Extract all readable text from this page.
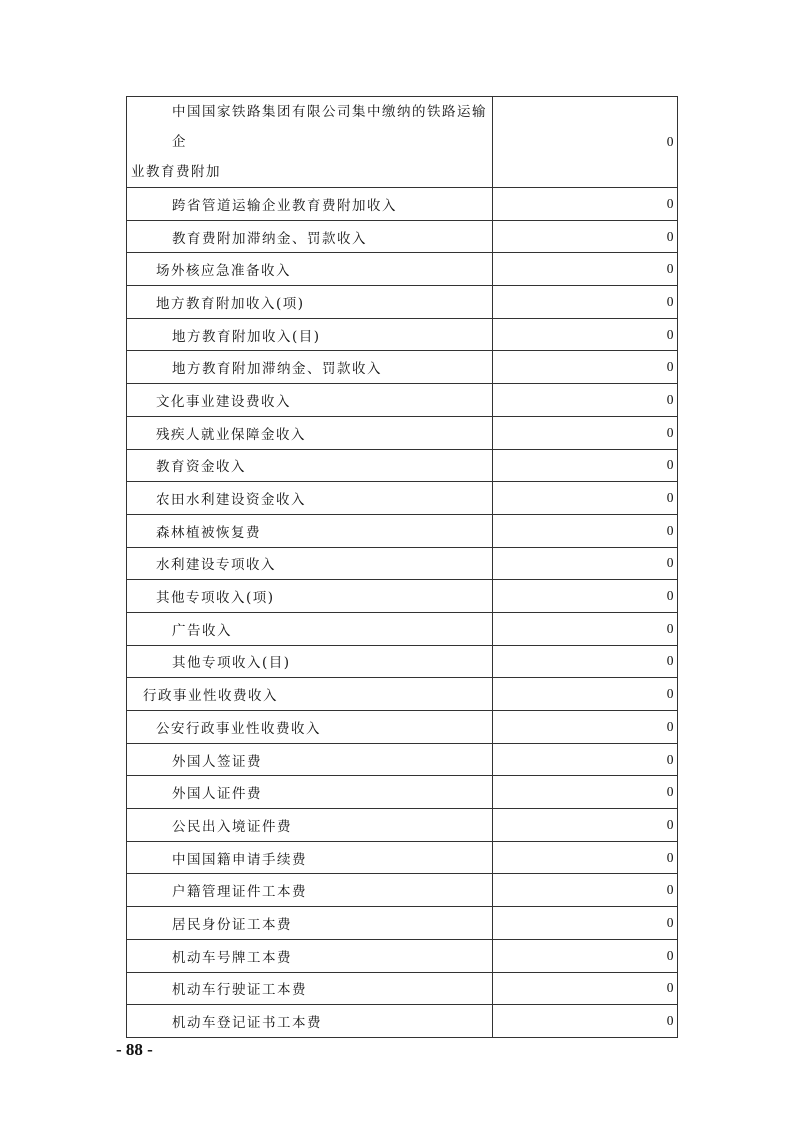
中国国家铁路集团有限公司集中缴纳的铁路运输企
业教育费附加	0
跨省管道运输企业教育费附加收入	0
教育费附加滞纳金、罚款收入	0
场外核应急准备收入	0
地方教育附加收入(项)	0
地方教育附加收入(目)	0
地方教育附加滞纳金、罚款收入	0
文化事业建设费收入	0
残疾人就业保障金收入	0
教育资金收入	0
农田水利建设资金收入	0
森林植被恢复费	0
水利建设专项收入	0
其他专项收入(项)	0
广告收入	0
其他专项收入(目)	0
行政事业性收费收入	0
公安行政事业性收费收入	0
外国人签证费	0
外国人证件费	0
公民出入境证件费	0
中国国籍申请手续费	0
户籍管理证件工本费	0
居民身份证工本费	0
机动车号牌工本费	0
机动车行驶证工本费	0
机动车登记证书工本费	0
- 88 -
